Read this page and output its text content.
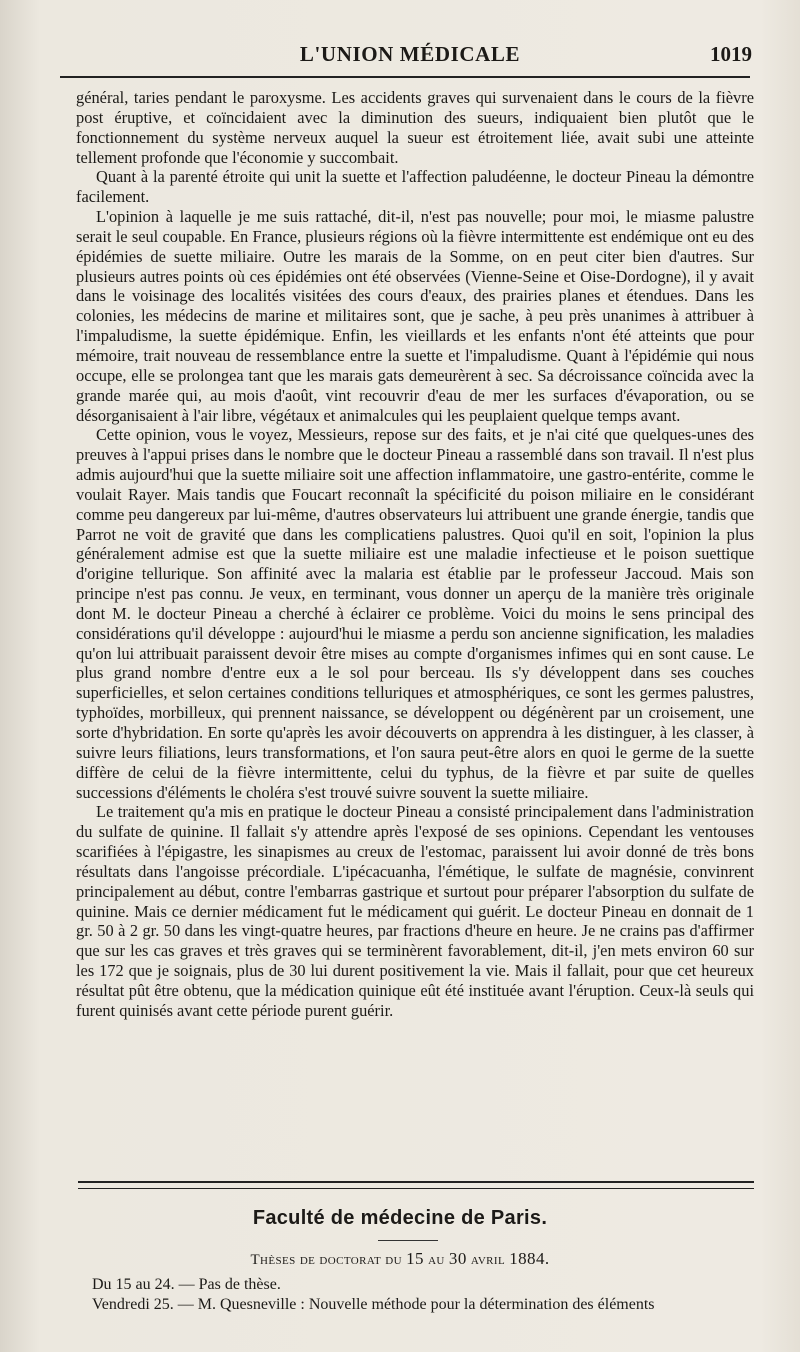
L'UNION MÉDICALE	1019

général, taries pendant le paroxysme. Les accidents graves qui survenaient dans le cours de la fièvre post éruptive, et coïncidaient avec la diminution des sueurs, indiquaient bien plutôt que le fonctionnement du système nerveux auquel la sueur est étroitement liée, avait subi une atteinte tellement profonde que l'économie y succombait.

Quant à la parenté étroite qui unit la suette et l'affection paludéenne, le docteur Pineau la démontre facilement.

L'opinion à laquelle je me suis rattaché, dit-il, n'est pas nouvelle; pour moi, le miasme palustre serait le seul coupable. En France, plusieurs régions où la fièvre intermittente est endémique ont eu des épidémies de suette miliaire. Outre les marais de la Somme, on en peut citer bien d'autres. Sur plusieurs autres points où ces épidémies ont été observées (Vienne-Seine et Oise-Dordogne), il y avait dans le voisinage des localités visitées des cours d'eaux, des prairies planes et étendues. Dans les colonies, les médecins de marine et militaires sont, que je sache, à peu près unanimes à attribuer à l'impaludisme, la suette épidémique. Enfin, les vieillards et les enfants n'ont été atteints que pour mémoire, trait nouveau de ressemblance entre la suette et l'impaludisme. Quant à l'épidémie qui nous occupe, elle se prolongea tant que les marais gats demeurèrent à sec. Sa décroissance coïncida avec la grande marée qui, au mois d'août, vint recouvrir d'eau de mer les surfaces d'évaporation, ou se désorganisaient à l'air libre, végétaux et animalcules qui les peuplaient quelque temps avant.

Cette opinion, vous le voyez, Messieurs, repose sur des faits, et je n'ai cité que quelques-unes des preuves à l'appui prises dans le nombre que le docteur Pineau a rassemblé dans son travail. Il n'est plus admis aujourd'hui que la suette miliaire soit une affection inflammatoire, une gastro-entérite, comme le voulait Rayer. Mais tandis que Foucart reconnaît la spécificité du poison miliaire en le considérant comme peu dangereux par lui-même, d'autres observateurs lui attribuent une grande énergie, tandis que Parrot ne voit de gravité que dans les complicatiens palustres. Quoi qu'il en soit, l'opinion la plus généralement admise est que la suette miliaire est une maladie infectieuse et le poison suettique d'origine tellurique. Son affinité avec la malaria est établie par le professeur Jaccoud. Mais son principe n'est pas connu. Je veux, en terminant, vous donner un aperçu de la manière très originale dont M. le docteur Pineau a cherché à éclairer ce problème. Voici du moins le sens principal des considérations qu'il développe : aujourd'hui le miasme a perdu son ancienne signification, les maladies qu'on lui attribuait paraissent devoir être mises au compte d'organismes infimes qui en sont cause. Le plus grand nombre d'entre eux a le sol pour berceau. Ils s'y développent dans ses couches superficielles, et selon certaines conditions telluriques et atmosphériques, ce sont les germes palustres, typhoïdes, morbilleux, qui prennent naissance, se développent ou dégénèrent par un croisement, une sorte d'hybridation. En sorte qu'après les avoir découverts on apprendra à les distinguer, à les classer, à suivre leurs filiations, leurs transformations, et l'on saura peut-être alors en quoi le germe de la suette diffère de celui de la fièvre intermittente, celui du typhus, de la fièvre et par suite de quelles successions d'éléments le choléra s'est trouvé suivre souvent la suette miliaire.

Le traitement qu'a mis en pratique le docteur Pineau a consisté principalement dans l'administration du sulfate de quinine. Il fallait s'y attendre après l'exposé de ses opinions. Cependant les ventouses scarifiées à l'épigastre, les sinapismes au creux de l'estomac, paraissent lui avoir donné de très bons résultats dans l'angoisse précordiale. L'ipécacuanha, l'émétique, le sulfate de magnésie, convinrent principalement au début, contre l'embarras gastrique et surtout pour préparer l'absorption du sulfate de quinine. Mais ce dernier médicament fut le médicament qui guérit. Le docteur Pineau en donnait de 1 gr. 50 à 2 gr. 50 dans les vingt-quatre heures, par fractions d'heure en heure. Je ne crains pas d'affirmer que sur les cas graves et très graves qui se terminèrent favorablement, dit-il, j'en mets environ 60 sur les 172 que je soignais, plus de 30 lui durent positivement la vie. Mais il fallait, pour que cet heureux résultat pût être obtenu, que la médication quinique eût été instituée avant l'éruption. Ceux-là seuls qui furent quinisés avant cette période purent guérir.

Faculté de médecine de Paris.
Thèses de doctorat du 15 au 30 avril 1884.
Du 15 au 24. — Pas de thèse.
Vendredi 25. — M. Quesneville : Nouvelle méthode pour la détermination des éléments
